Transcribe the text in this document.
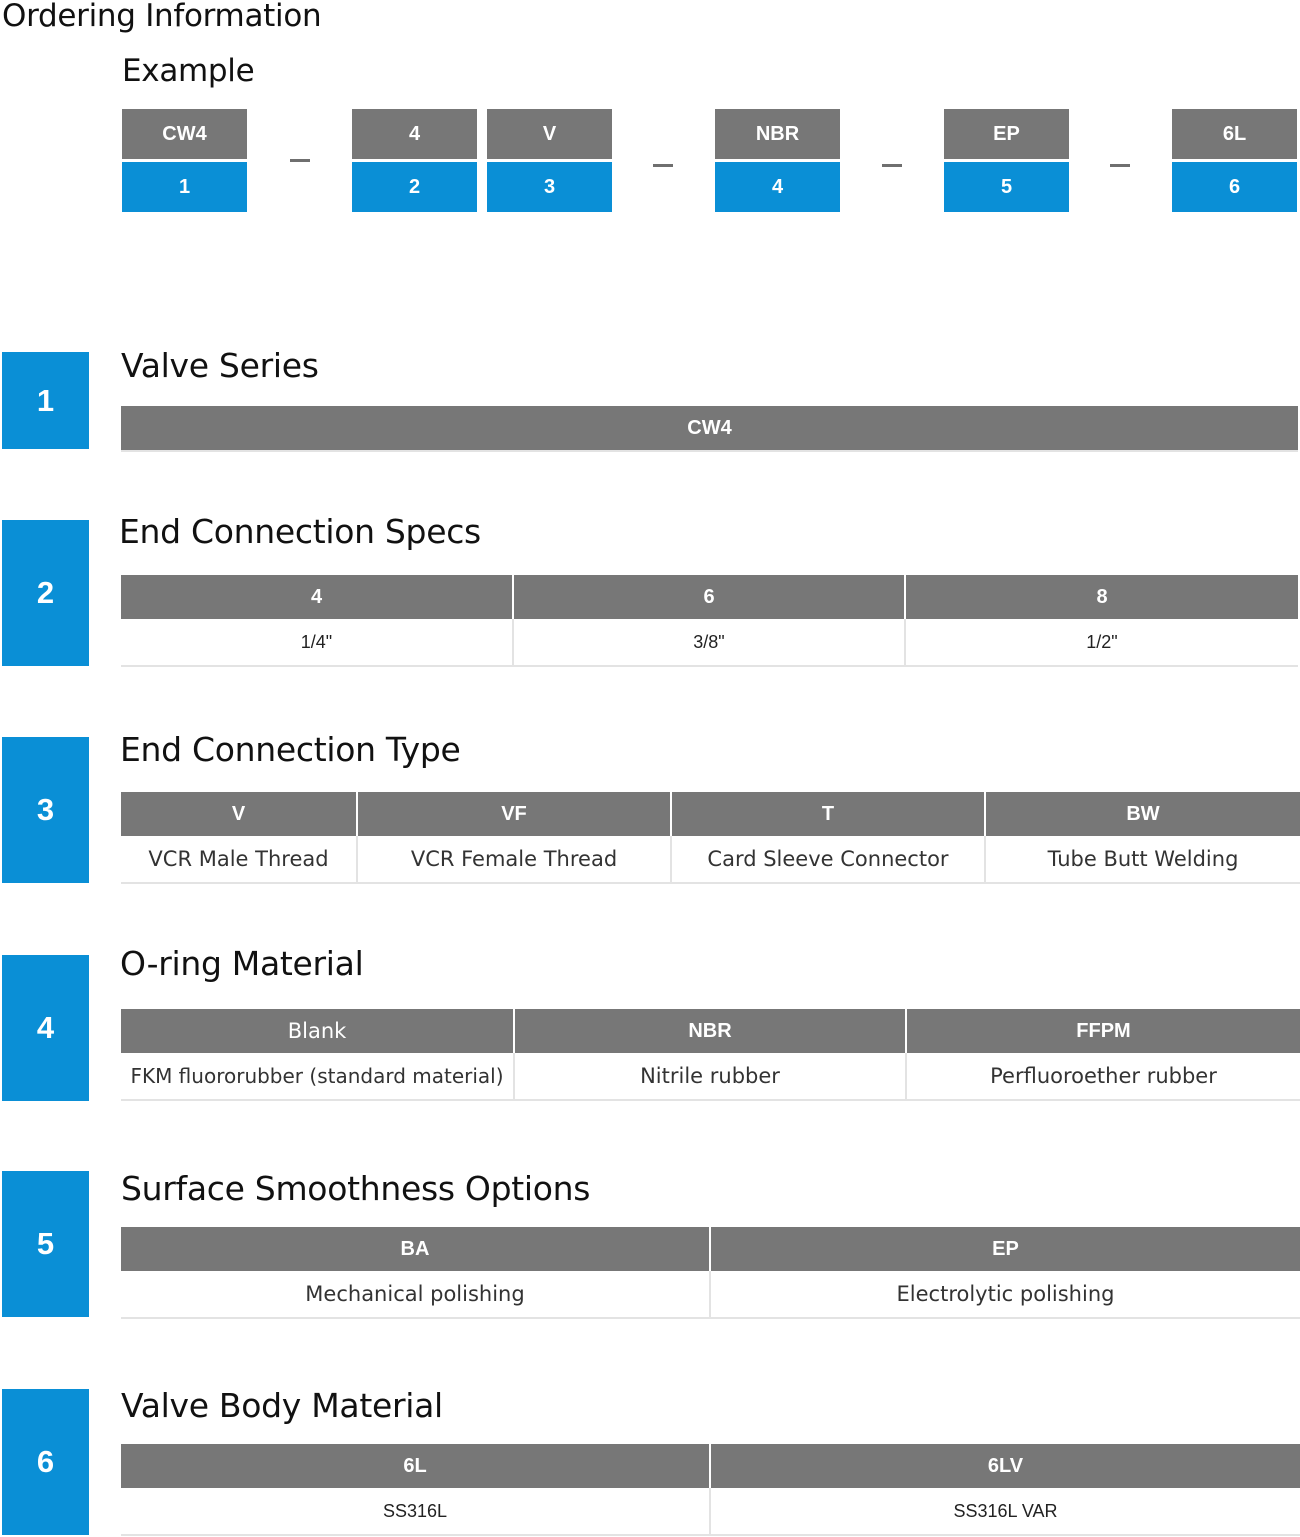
Ordering Information
Example
CW4
1
4
2
V
3
NBR
4
EP
5
6L
6
1
Valve Series
CW4
2
End Connection Specs
4	6	8
1/4"	3/8"	1/2"
3
End Connection Type
V	VF	T	BW
VCR Male Thread	VCR Female Thread	Card Sleeve Connector	Tube Butt Welding
4
O-ring Material
Blank	NBR	FFPM
FKM fluororubber (standard material)	Nitrile rubber	Perfluoroether rubber
5
Surface Smoothness Options
BA	EP
Mechanical polishing	Electrolytic polishing
6
Valve Body Material
6L	6LV
SS316L	SS316L VAR
